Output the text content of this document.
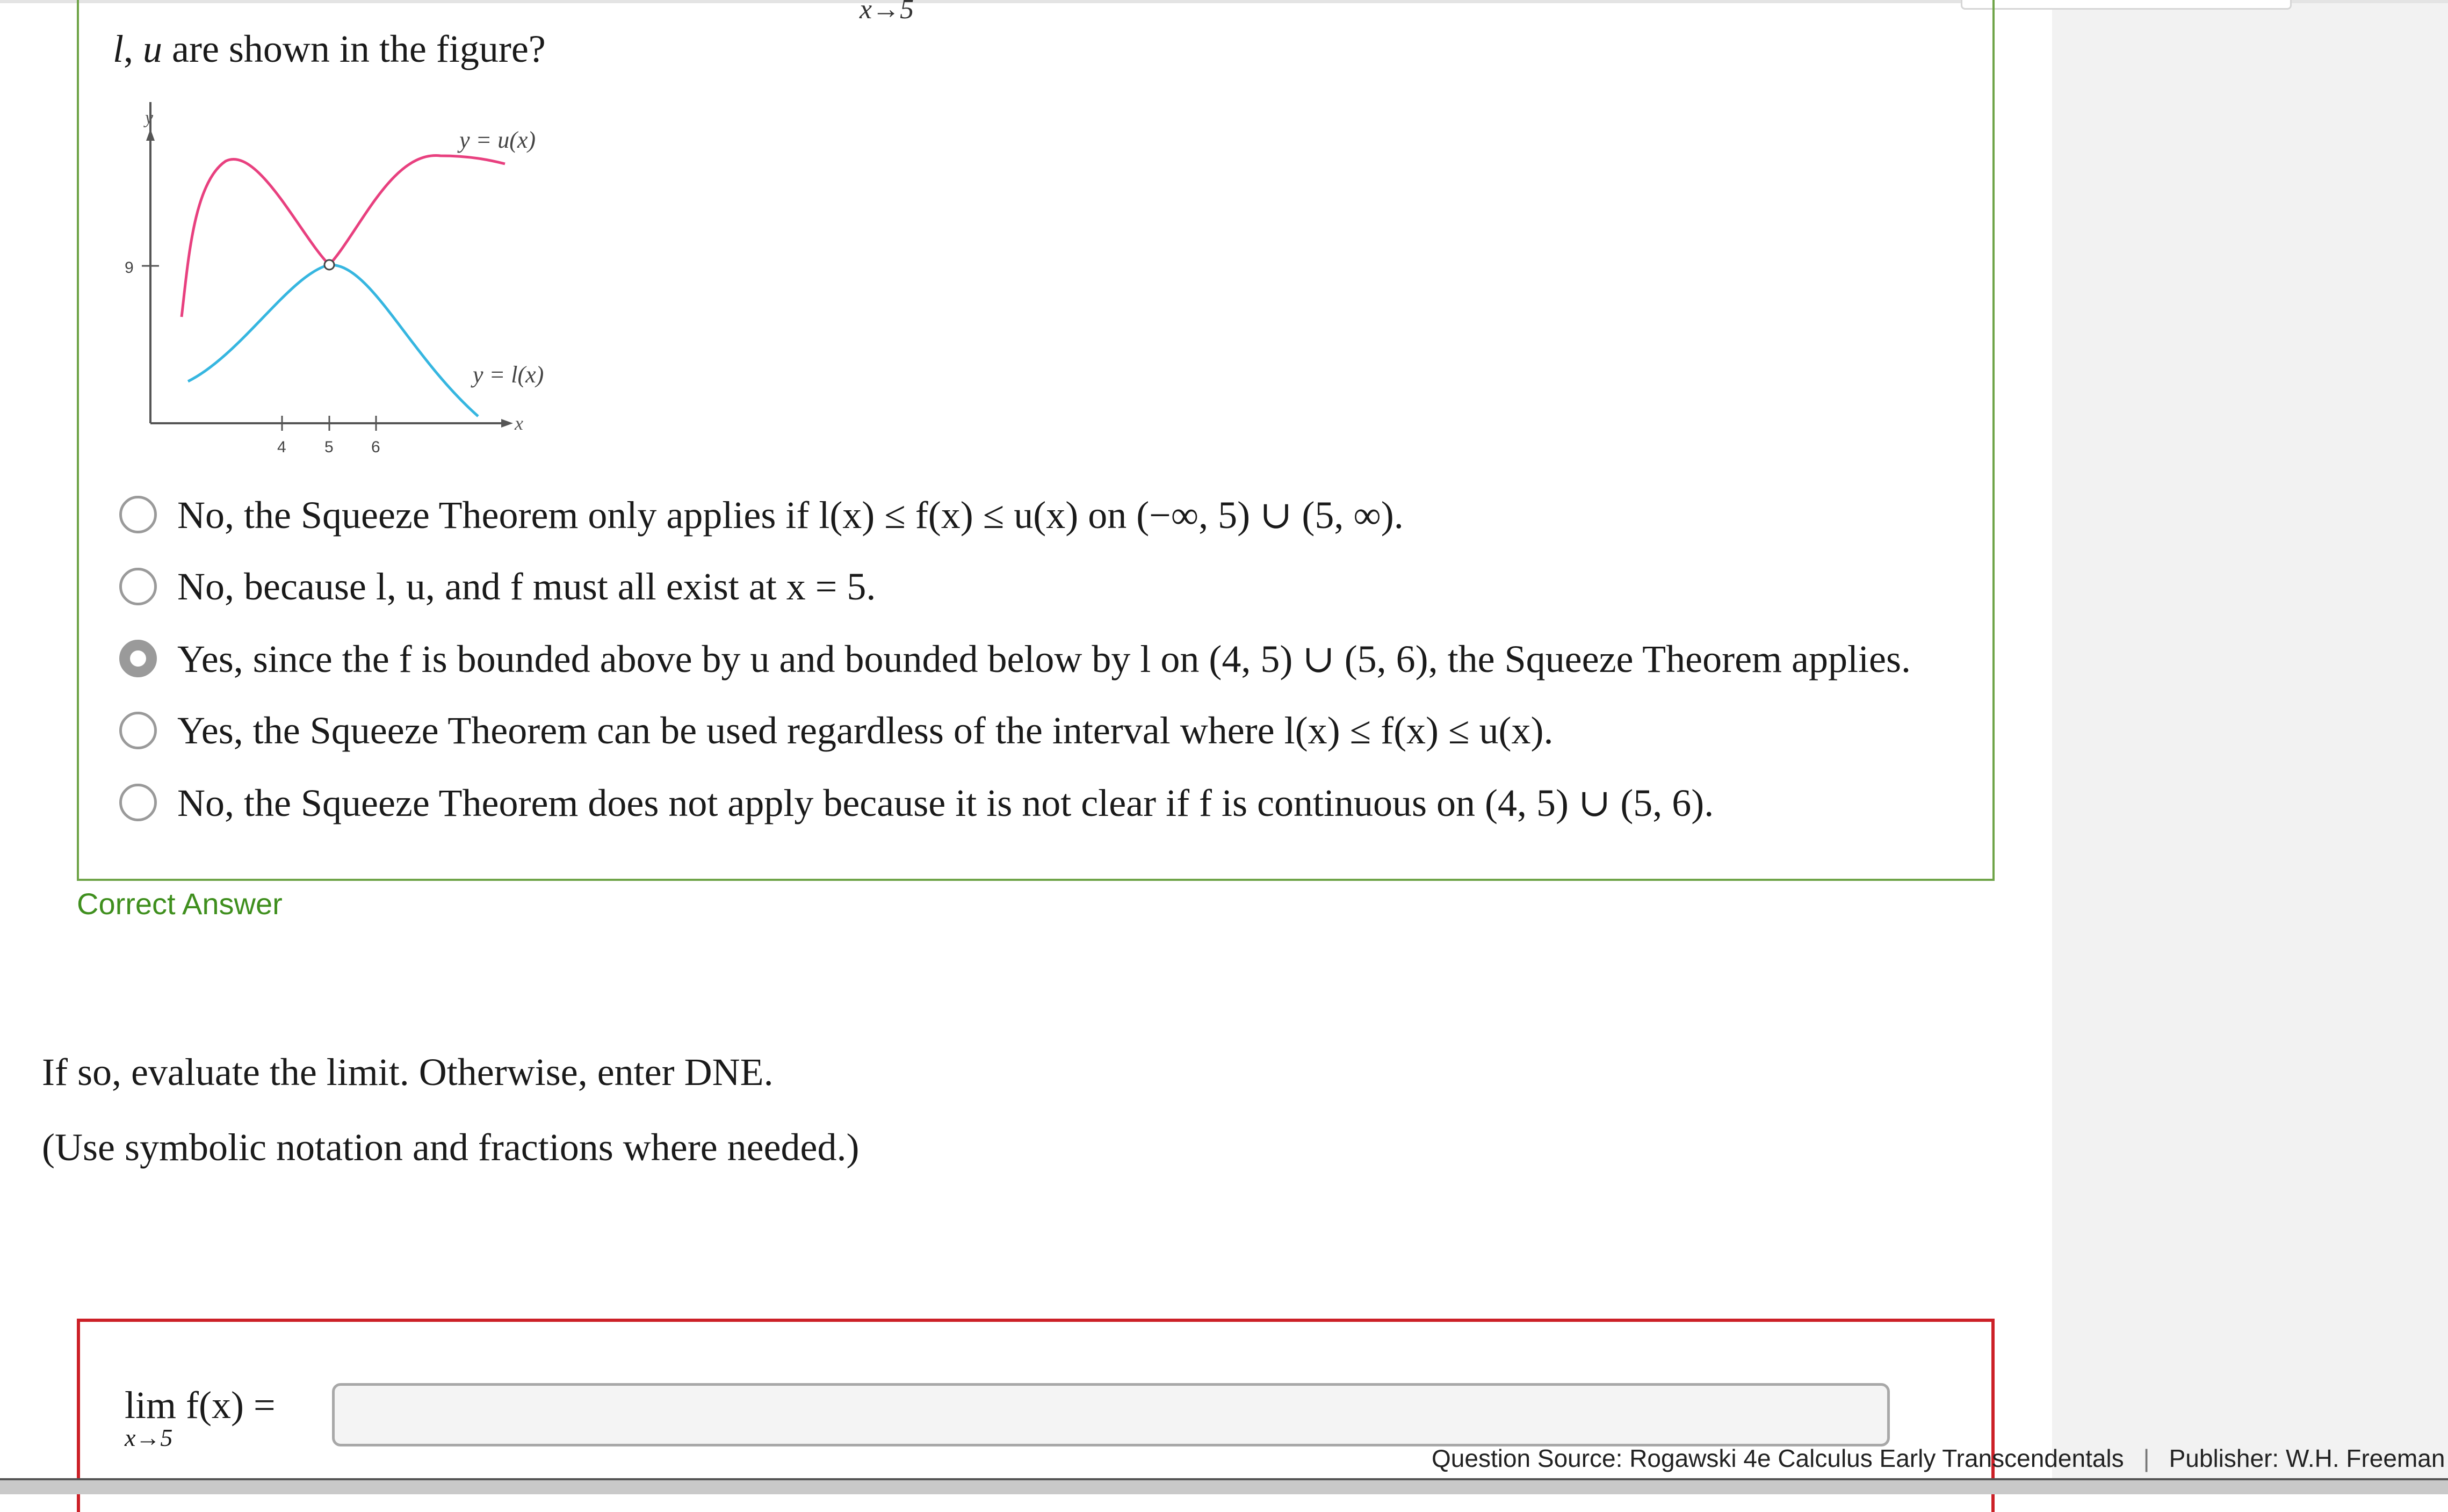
x→5
l, u are shown in the figure?
y
x
9
4 5 6
y = u(x)
y = l(x)
No, the Squeeze Theorem only applies if l(x) ≤ f(x) ≤ u(x) on (−∞, 5) ∪ (5, ∞).
No, because l, u, and f must all exist at x = 5.
Yes, since the f is bounded above by u and bounded below by l on (4, 5) ∪ (5, 6), the Squeeze Theorem applies.
Yes, the Squeeze Theorem can be used regardless of the interval where l(x) ≤ f(x) ≤ u(x).
No, the Squeeze Theorem does not apply because it is not clear if f is continuous on (4, 5) ∪ (5, 6).
Correct Answer
If so, evaluate the limit. Otherwise, enter DNE.
(Use symbolic notation and fractions where needed.)
lim f(x) =
x→5
Question Source: Rogawski 4e Calculus Early Transcendentals | Publisher: W.H. Freeman
